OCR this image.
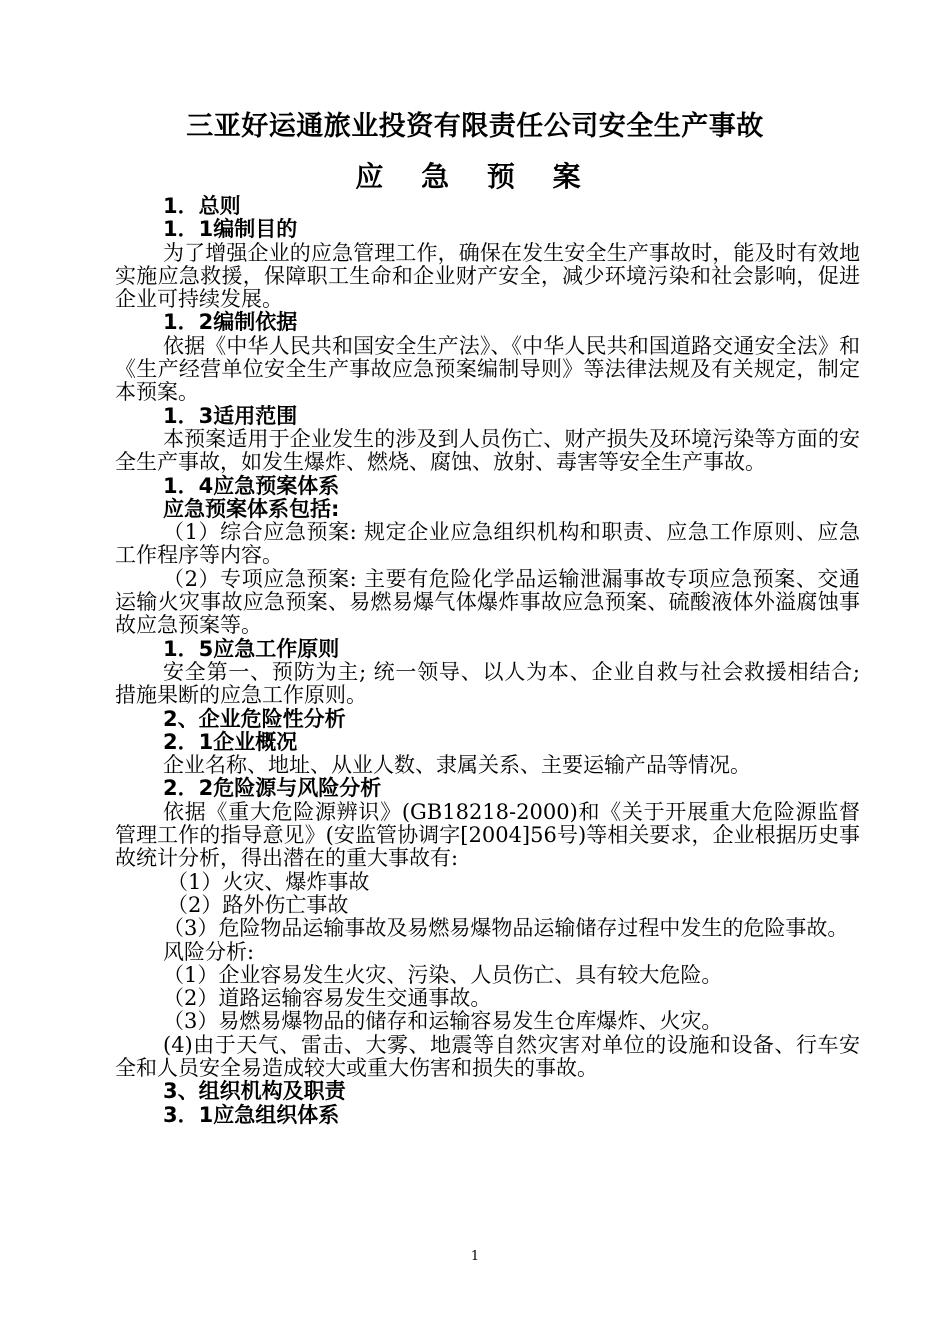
三亚好运通旅业投资有限责任公司安全生产事故
应 急 预 案

1．总则

1．1编制目的

为了增强企业的应急管理工作，确保在发生安全生产事故时，能及时有效地实施应急救援，保障职工生命和企业财产安全，减少环境污染和社会影响，促进企业可持续发展。

1．2编制依据

依据《中华人民共和国安全生产法》、《中华人民共和国道路交通安全法》和《生产经营单位安全生产事故应急预案编制导则》等法律法规及有关规定，制定本预案。

1．3适用范围

本预案适用于企业发生的涉及到人员伤亡、财产损失及环境污染等方面的安全生产事故，如发生爆炸、燃烧、腐蚀、放射、毒害等安全生产事故。

1．4应急预案体系

应急预案体系包括:

（1）综合应急预案: 规定企业应急组织机构和职责、应急工作原则、应急工作程序等内容。

（2）专项应急预案: 主要有危险化学品运输泄漏事故专项应急预案、交通运输火灾事故应急预案、易燃易爆气体爆炸事故应急预案、硫酸液体外溢腐蚀事故应急预案等。

1．5应急工作原则

安全第一、预防为主; 统一领导、以人为本、企业自救与社会救援相结合; 措施果断的应急工作原则。

2、企业危险性分析

2．1企业概况

企业名称、地址、从业人数、隶属关系、主要运输产品等情况。

2．2危险源与风险分析

依据《重大危险源辨识》(GB18218-2000)和《关于开展重大危险源监督管理工作的指导意见》(安监管协调字[2004]56号)等相关要求，企业根据历史事故统计分析，得出潜在的重大事故有:

（1）火灾、爆炸事故

（2）路外伤亡事故

（3）危险物品运输事故及易燃易爆物品运输储存过程中发生的危险事故。

风险分析:

（1）企业容易发生火灾、污染、人员伤亡、具有较大危险。

（2）道路运输容易发生交通事故。

（3）易燃易爆物品的储存和运输容易发生仓库爆炸、火灾。

(4)由于天气、雷击、大雾、地震等自然灾害对单位的设施和设备、行车安全和人员安全易造成较大或重大伤害和损失的事故。

3、组织机构及职责

3．1应急组织体系

1
